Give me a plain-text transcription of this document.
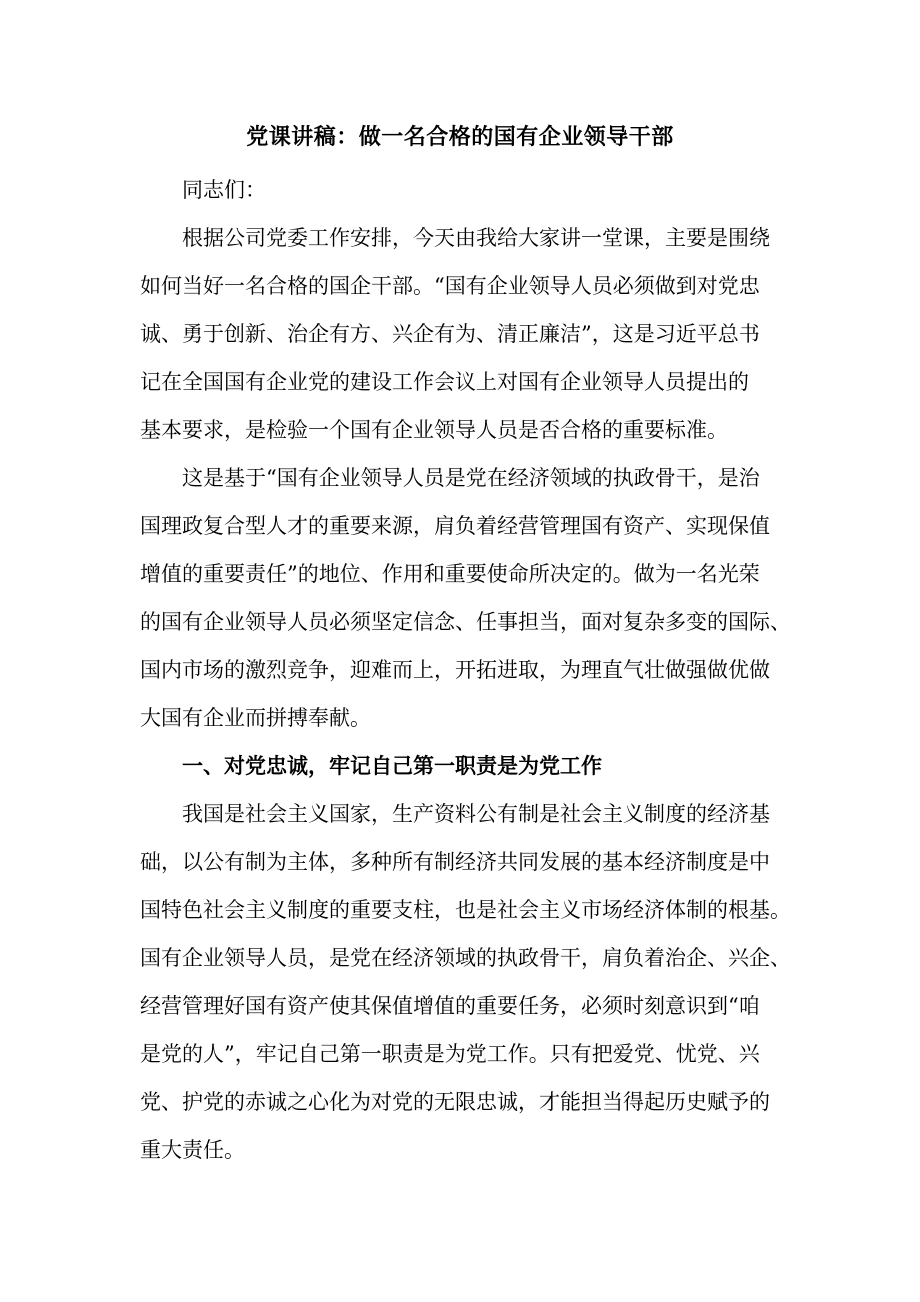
党课讲稿：做一名合格的国有企业领导干部
同志们：
根据公司党委工作安排，今天由我给大家讲一堂课，主要是围绕
如何当好一名合格的国企干部。“国有企业领导人员必须做到对党忠
诚、勇于创新、治企有方、兴企有为、清正廉洁”，这是习近平总书
记在全国国有企业党的建设工作会议上对国有企业领导人员提出的
基本要求，是检验一个国有企业领导人员是否合格的重要标准。
这是基于“国有企业领导人员是党在经济领域的执政骨干，是治
国理政复合型人才的重要来源，肩负着经营管理国有资产、实现保值
增值的重要责任”的地位、作用和重要使命所决定的。做为一名光荣
的国有企业领导人员必须坚定信念、任事担当，面对复杂多变的国际、
国内市场的激烈竞争，迎难而上，开拓进取，为理直气壮做强做优做
大国有企业而拼搏奉献。
一、对党忠诚，牢记自己第一职责是为党工作
我国是社会主义国家，生产资料公有制是社会主义制度的经济基
础，以公有制为主体，多种所有制经济共同发展的基本经济制度是中
国特色社会主义制度的重要支柱，也是社会主义市场经济体制的根基。
国有企业领导人员，是党在经济领域的执政骨干，肩负着治企、兴企、
经营管理好国有资产使其保值增值的重要任务，必须时刻意识到“咱
是党的人”，牢记自己第一职责是为党工作。只有把爱党、忧党、兴
党、护党的赤诚之心化为对党的无限忠诚，才能担当得起历史赋予的
重大责任。
